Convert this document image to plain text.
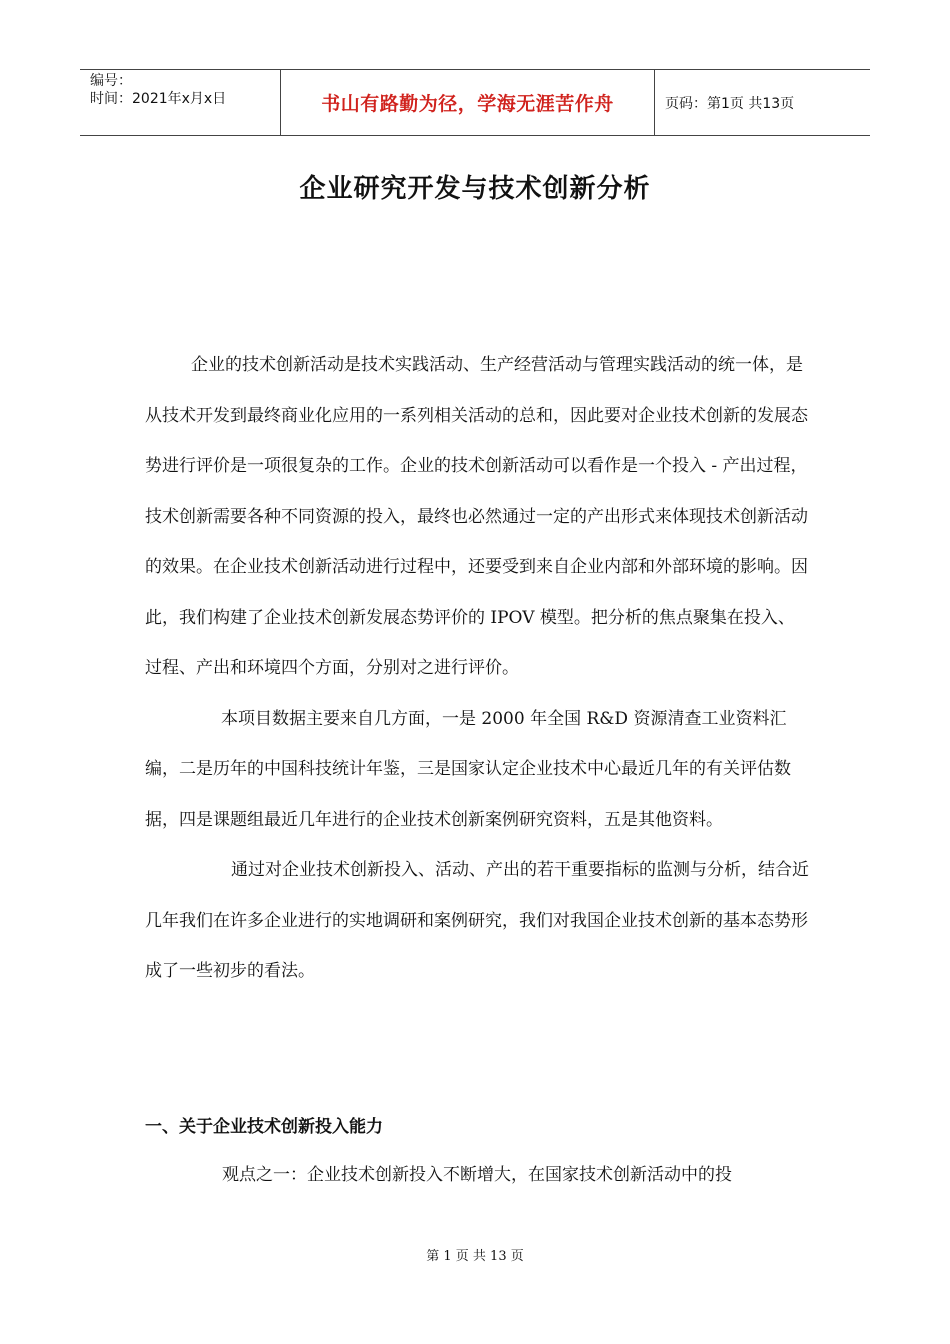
编号：
时间：2021年x月x日	书山有路勤为径，学海无涯苦作舟	页码：第1页 共13页
企业研究开发与技术创新分析

企业的技术创新活动是技术实践活动、生产经营活动与管理实践活动的统一体，是从技术开发到最终商业化应用的一系列相关活动的总和，因此要对企业技术创新的发展态势进行评价是一项很复杂的工作。企业的技术创新活动可以看作是一个投入 - 产出过程，技术创新需要各种不同资源的投入，最终也必然通过一定的产出形式来体现技术创新活动的效果。在企业技术创新活动进行过程中，还要受到来自企业内部和外部环境的影响。因此，我们构建了企业技术创新发展态势评价的 IPOV 模型。把分析的焦点聚集在投入、过程、产出和环境四个方面，分别对之进行评价。

本项目数据主要来自几方面，一是 2000 年全国 R&D 资源清查工业资料汇编，二是历年的中国科技统计年鉴，三是国家认定企业技术中心最近几年的有关评估数据，四是课题组最近几年进行的企业技术创新案例研究资料，五是其他资料。

通过对企业技术创新投入、活动、产出的若干重要指标的监测与分析，结合近几年我们在许多企业进行的实地调研和案例研究，我们对我国企业技术创新的基本态势形成了一些初步的看法。

一、关于企业技术创新投入能力
观点之一：企业技术创新投入不断增大，在国家技术创新活动中的投
第 1 页 共 13 页
